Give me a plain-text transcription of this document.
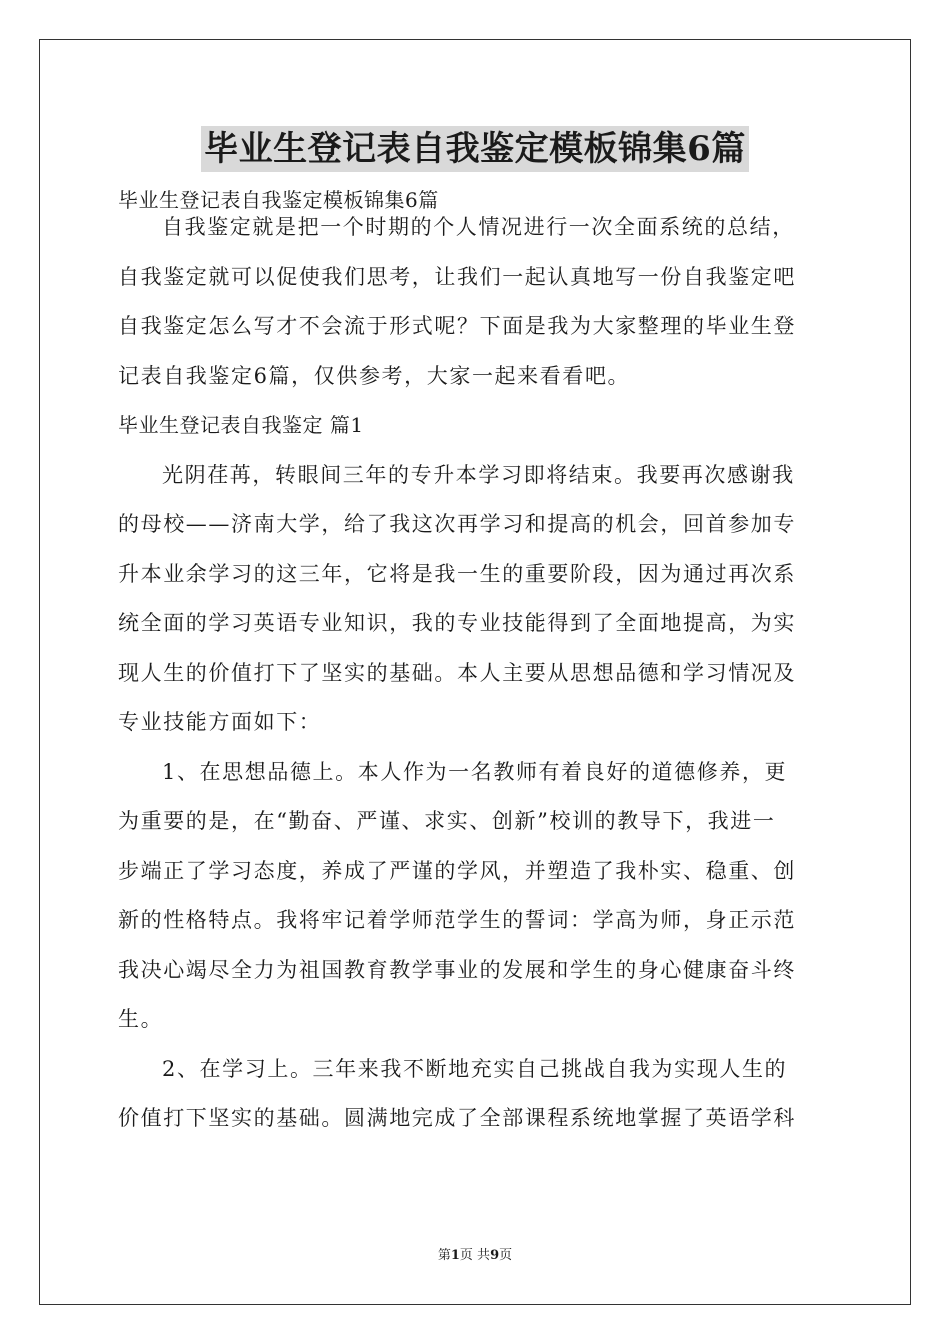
毕业生登记表自我鉴定模板锦集6篇
毕业生登记表自我鉴定模板锦集6篇
自我鉴定就是把一个时期的个人情况进行一次全面系统的总结，
自我鉴定就可以促使我们思考，让我们一起认真地写一份自我鉴定吧
自我鉴定怎么写才不会流于形式呢？下面是我为大家整理的毕业生登
记表自我鉴定6篇，仅供参考，大家一起来看看吧。
毕业生登记表自我鉴定 篇1
光阴荏苒，转眼间三年的专升本学习即将结束。我要再次感谢我
的母校——济南大学，给了我这次再学习和提高的机会，回首参加专
升本业余学习的这三年，它将是我一生的重要阶段，因为通过再次系
统全面的学习英语专业知识，我的专业技能得到了全面地提高，为实
现人生的价值打下了坚实的基础。本人主要从思想品德和学习情况及
专业技能方面如下：
1、在思想品德上。本人作为一名教师有着良好的道德修养，更
为重要的是，在“勤奋、严谨、求实、创新”校训的教导下，我进一
步端正了学习态度，养成了严谨的学风，并塑造了我朴实、稳重、创
新的性格特点。我将牢记着学师范学生的誓词：学高为师，身正示范
我决心竭尽全力为祖国教育教学事业的发展和学生的身心健康奋斗终
生。
2、在学习上。三年来我不断地充实自己挑战自我为实现人生的
价值打下坚实的基础。圆满地完成了全部课程系统地掌握了英语学科
第1页 共9页
